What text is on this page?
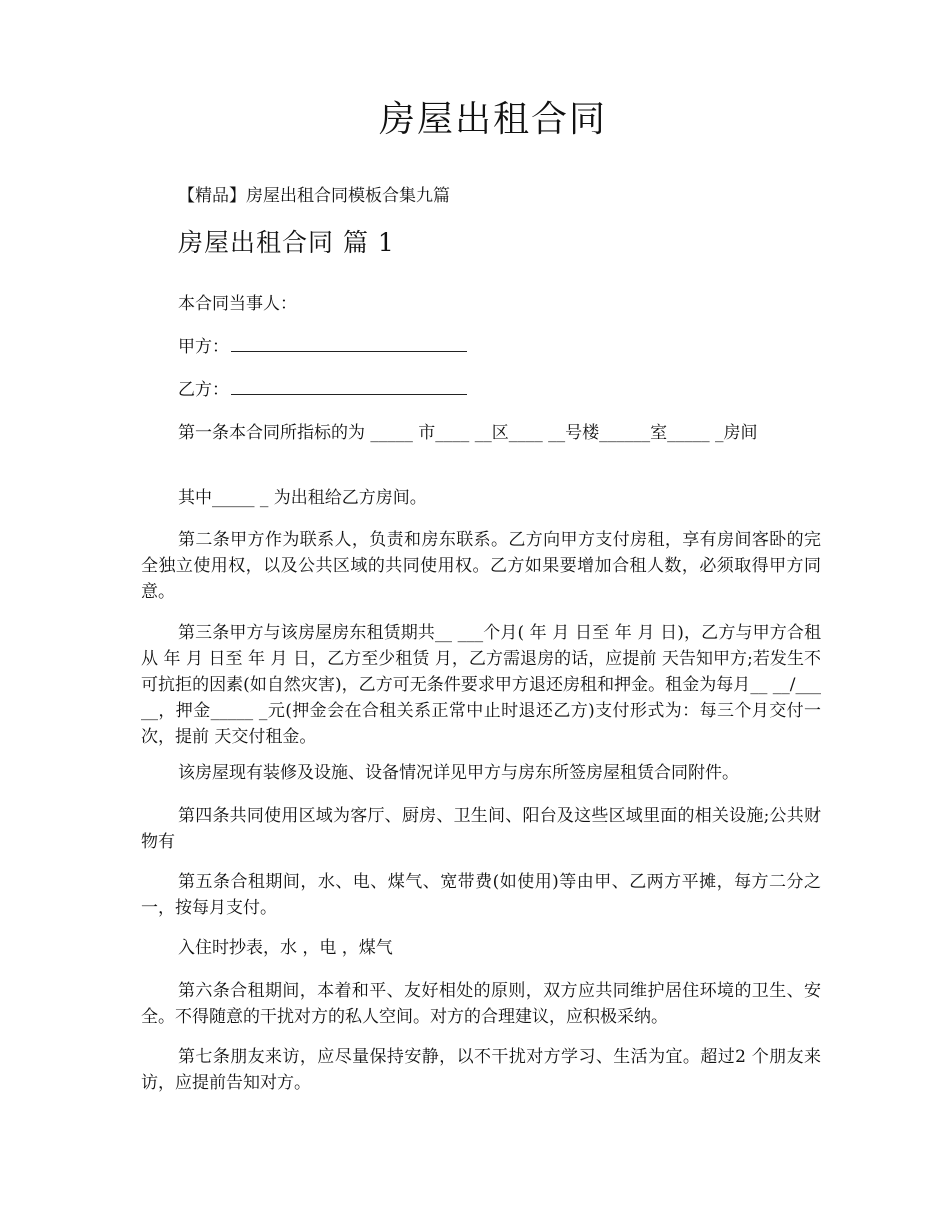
房屋出租合同

【精品】房屋出租合同模板合集九篇

房屋出租合同 篇 1

本合同当事人：

甲方：

乙方：

第一条本合同所指标的为 _____ 市____ __区____ __号楼______室_____ _房间

其中_____ _ 为出租给乙方房间。

第二条甲方作为联系人，负责和房东联系。乙方向甲方支付房租，享有房间客卧的完全独立使用权，以及公共区域的共同使用权。乙方如果要增加合租人数，必须取得甲方同意。

第三条甲方与该房屋房东租赁期共__ ___个月( 年 月 日至 年 月 日)，乙方与甲方合租从 年 月 日至 年 月 日，乙方至少租赁 月，乙方需退房的话，应提前 天告知甲方;若发生不可抗拒的因素(如自然灾害)，乙方可无条件要求甲方退还房租和押金。租金为每月__ __/___ __，押金_____ _元(押金会在合租关系正常中止时退还乙方)支付形式为：每三个月交付一次，提前 天交付租金。

该房屋现有装修及设施、设备情况详见甲方与房东所签房屋租赁合同附件。

第四条共同使用区域为客厅、厨房、卫生间、阳台及这些区域里面的相关设施;公共财物有

第五条合租期间，水、电、煤气、宽带费(如使用)等由甲、乙两方平摊，每方二分之一，按每月支付。

入住时抄表，水 ，电 ，煤气

第六条合租期间，本着和平、友好相处的原则，双方应共同维护居住环境的卫生、安全。不得随意的干扰对方的私人空间。对方的合理建议，应积极采纳。

第七条朋友来访，应尽量保持安静，以不干扰对方学习、生活为宜。超过2 个朋友来访，应提前告知对方。
